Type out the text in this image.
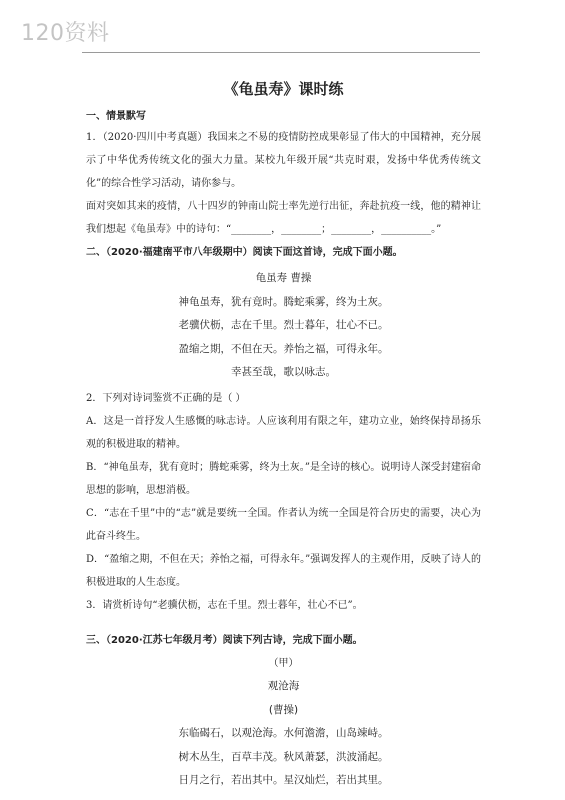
120资料
《龟虽寿》课时练
一、情景默写

1．（2020·四川中考真题）我国来之不易的疫情防控成果彰显了伟大的中国精神，充分展示了中华优秀传统文化的强大力量。某校九年级开展“共克时艰，发扬中华优秀传统文化”的综合性学习活动，请你参与。

面对突如其来的疫情，八十四岁的钟南山院士率先逆行出征，奔赴抗疫一线，他的精神让我们想起《龟虽寿》中的诗句：“________，________；________，__________。”

二、（2020·福建南平市八年级期中）阅读下面这首诗，完成下面小题。
龟虽寿 曹操
神龟虽寿，犹有竟时。腾蛇乘雾，终为土灰。
老骥伏枥，志在千里。烈士暮年，壮心不已。
盈缩之期，不但在天。养怡之福，可得永年。
幸甚至哉，歌以咏志。

2．下列对诗词鉴赏不正确的是（ ）

A．这是一首抒发人生感慨的咏志诗。人应该利用有限之年，建功立业，始终保持昂扬乐观的积极进取的精神。

B．“神龟虽寿，犹有竟时；腾蛇乘雾，终为土灰。”是全诗的核心。说明诗人深受封建宿命思想的影响，思想消极。

C．“志在千里”中的“志”就是要统一全国。作者认为统一全国是符合历史的需要，决心为此奋斗终生。

D．“盈缩之期，不但在天；养怡之福，可得永年。”强调发挥人的主观作用，反映了诗人的积极进取的人生态度。

3．请赏析诗句“老骥伏枥，志在千里。烈士暮年，壮心不已”。

三、（2020·江苏七年级月考）阅读下列古诗，完成下面小题。
（甲）
观沧海
(曹操)
东临碣石，以观沧海。水何澹澹，山岛竦峙。
树木丛生，百草丰茂。秋风萧瑟，洪波涌起。
日月之行，若出其中。星汉灿烂，若出其里。
